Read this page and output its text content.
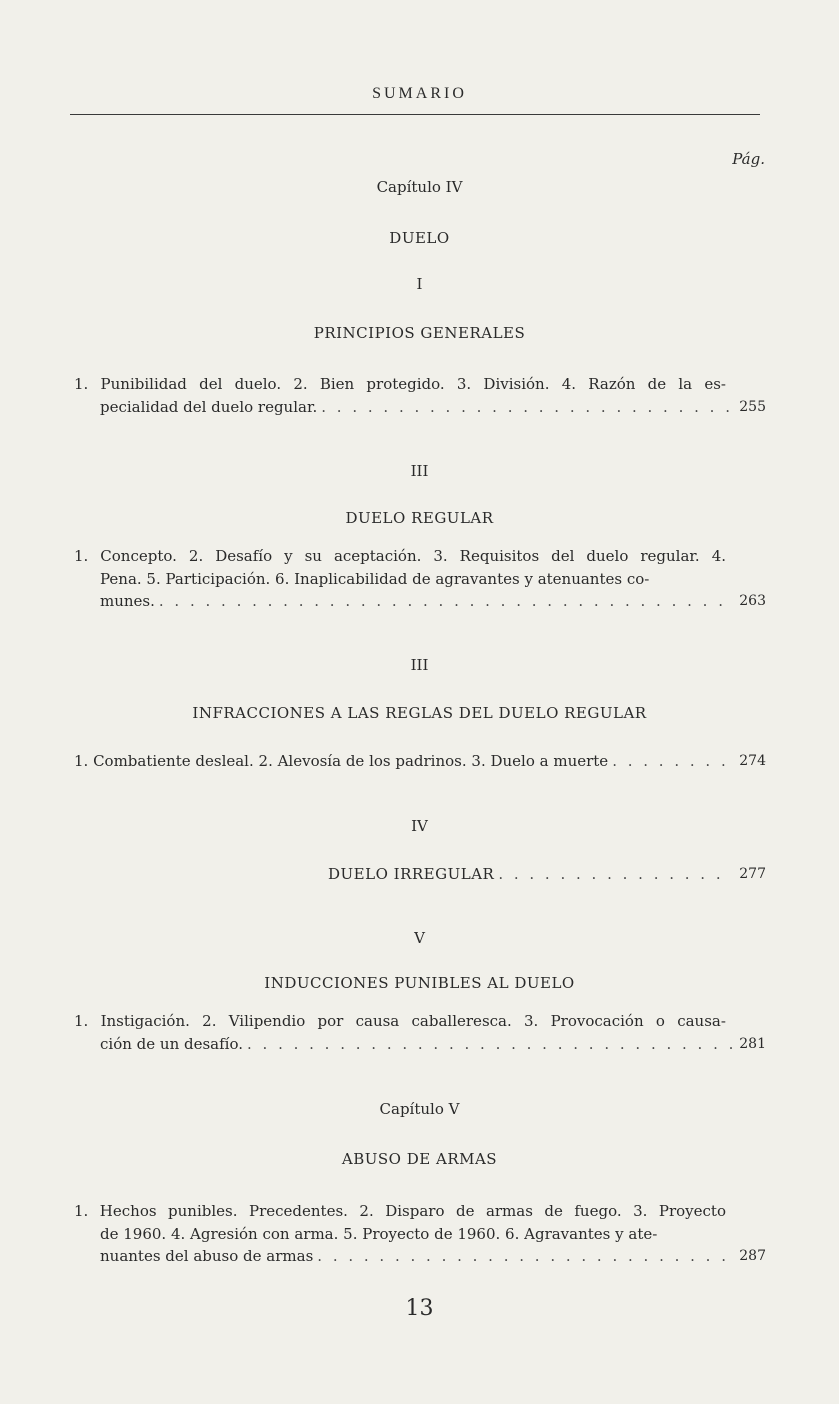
SUMARIO
Pág.
Capítulo IV
DUELO
I
PRINCIPIOS GENERALES
1. Punibilidad del duelo. 2. Bien protegido. 3. División. 4. Razón de la es-
pecialidad del duelo regular. . . .	255
III
DUELO REGULAR
1. Concepto. 2. Desafío y su aceptación. 3. Requisitos del duelo regular. 4.
Pena. 5. Participación. 6. Inaplicabilidad de agravantes y atenuantes co-
munes. . . .	263
III
INFRACCIONES A LAS REGLAS DEL DUELO REGULAR
1. Combatiente desleal. 2. Alevosía de los padrinos. 3. Duelo a muerte . . .	274
IV
DUELO IRREGULAR . . .	277
V
INDUCCIONES PUNIBLES AL DUELO
1. Instigación. 2. Vilipendio por causa caballeresca. 3. Provocación o causa-
ción de un desafío. . . .	281
Capítulo V
ABUSO DE ARMAS
1. Hechos punibles. Precedentes. 2. Disparo de armas de fuego. 3. Proyecto
de 1960. 4. Agresión con arma. 5. Proyecto de 1960. 6. Agravantes y ate-
nuantes del abuso de armas . . .	287
13
